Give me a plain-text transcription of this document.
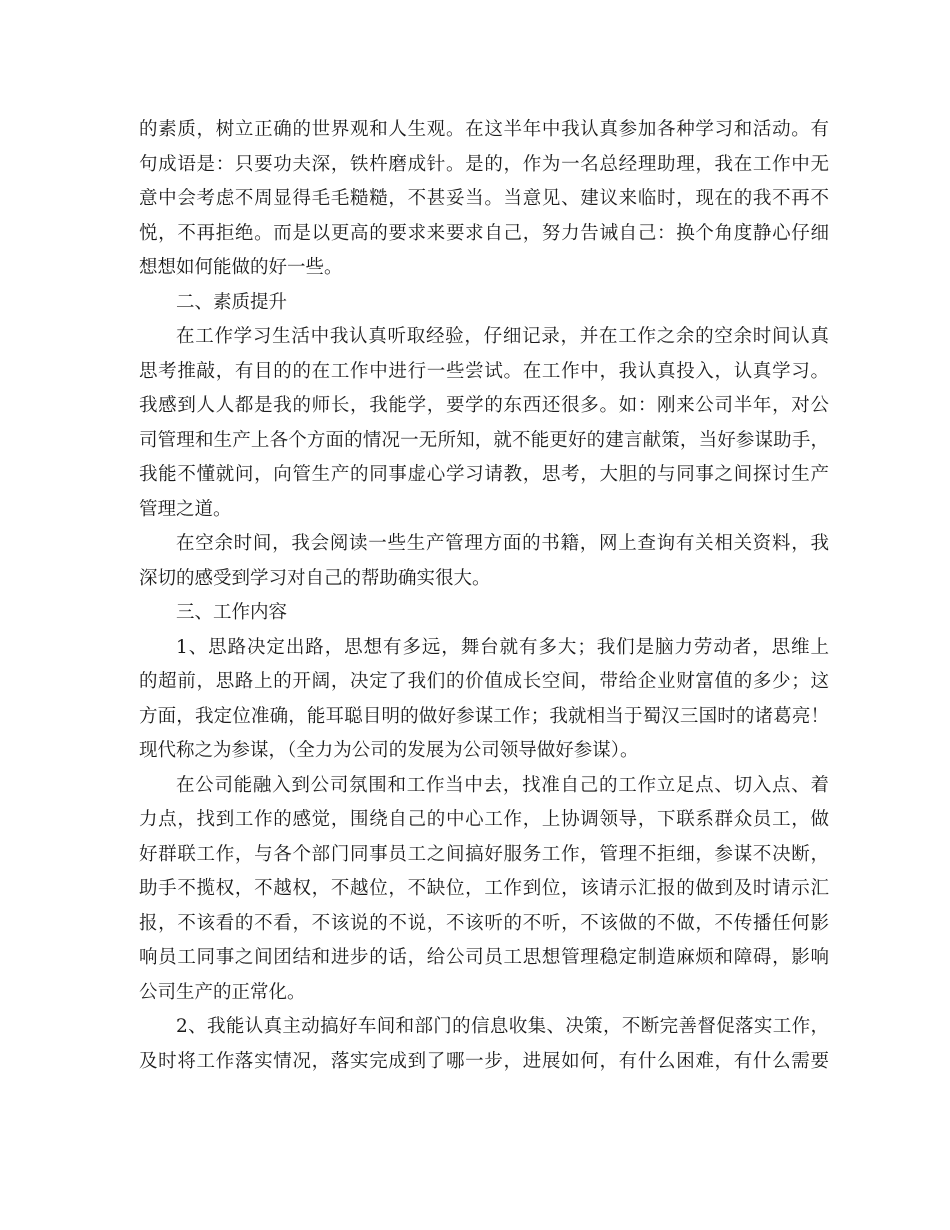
的素质，树立正确的世界观和人生观。在这半年中我认真参加各种学习和活动。有
句成语是：只要功夫深，铁杵磨成针。是的，作为一名总经理助理，我在工作中无
意中会考虑不周显得毛毛糙糙，不甚妥当。当意见、建议来临时，现在的我不再不
悦，不再拒绝。而是以更高的要求来要求自己，努力告诫自己：换个角度静心仔细
想想如何能做的好一些。
二、素质提升
在工作学习生活中我认真听取经验，仔细记录，并在工作之余的空余时间认真
思考推敲，有目的的在工作中进行一些尝试。在工作中，我认真投入，认真学习。
我感到人人都是我的师长，我能学，要学的东西还很多。如：刚来公司半年，对公
司管理和生产上各个方面的情况一无所知，就不能更好的建言献策，当好参谋助手，
我能不懂就问，向管生产的同事虚心学习请教，思考，大胆的与同事之间探讨生产
管理之道。
在空余时间，我会阅读一些生产管理方面的书籍，网上查询有关相关资料，我
深切的感受到学习对自己的帮助确实很大。
三、工作内容
1、思路决定出路，思想有多远，舞台就有多大；我们是脑力劳动者，思维上
的超前，思路上的开阔，决定了我们的价值成长空间，带给企业财富值的多少；这
方面，我定位准确，能耳聪目明的做好参谋工作；我就相当于蜀汉三国时的诸葛亮！
现代称之为参谋，（全力为公司的发展为公司领导做好参谋）。
在公司能融入到公司氛围和工作当中去，找准自己的工作立足点、切入点、着
力点，找到工作的感觉，围绕自己的中心工作，上协调领导，下联系群众员工，做
好群联工作，与各个部门同事员工之间搞好服务工作，管理不拒细，参谋不决断，
助手不揽权，不越权，不越位，不缺位，工作到位，该请示汇报的做到及时请示汇
报，不该看的不看，不该说的不说，不该听的不听，不该做的不做，不传播任何影
响员工同事之间团结和进步的话，给公司员工思想管理稳定制造麻烦和障碍，影响
公司生产的正常化。
2、我能认真主动搞好车间和部门的信息收集、决策，不断完善督促落实工作，
及时将工作落实情况，落实完成到了哪一步，进展如何，有什么困难，有什么需要
